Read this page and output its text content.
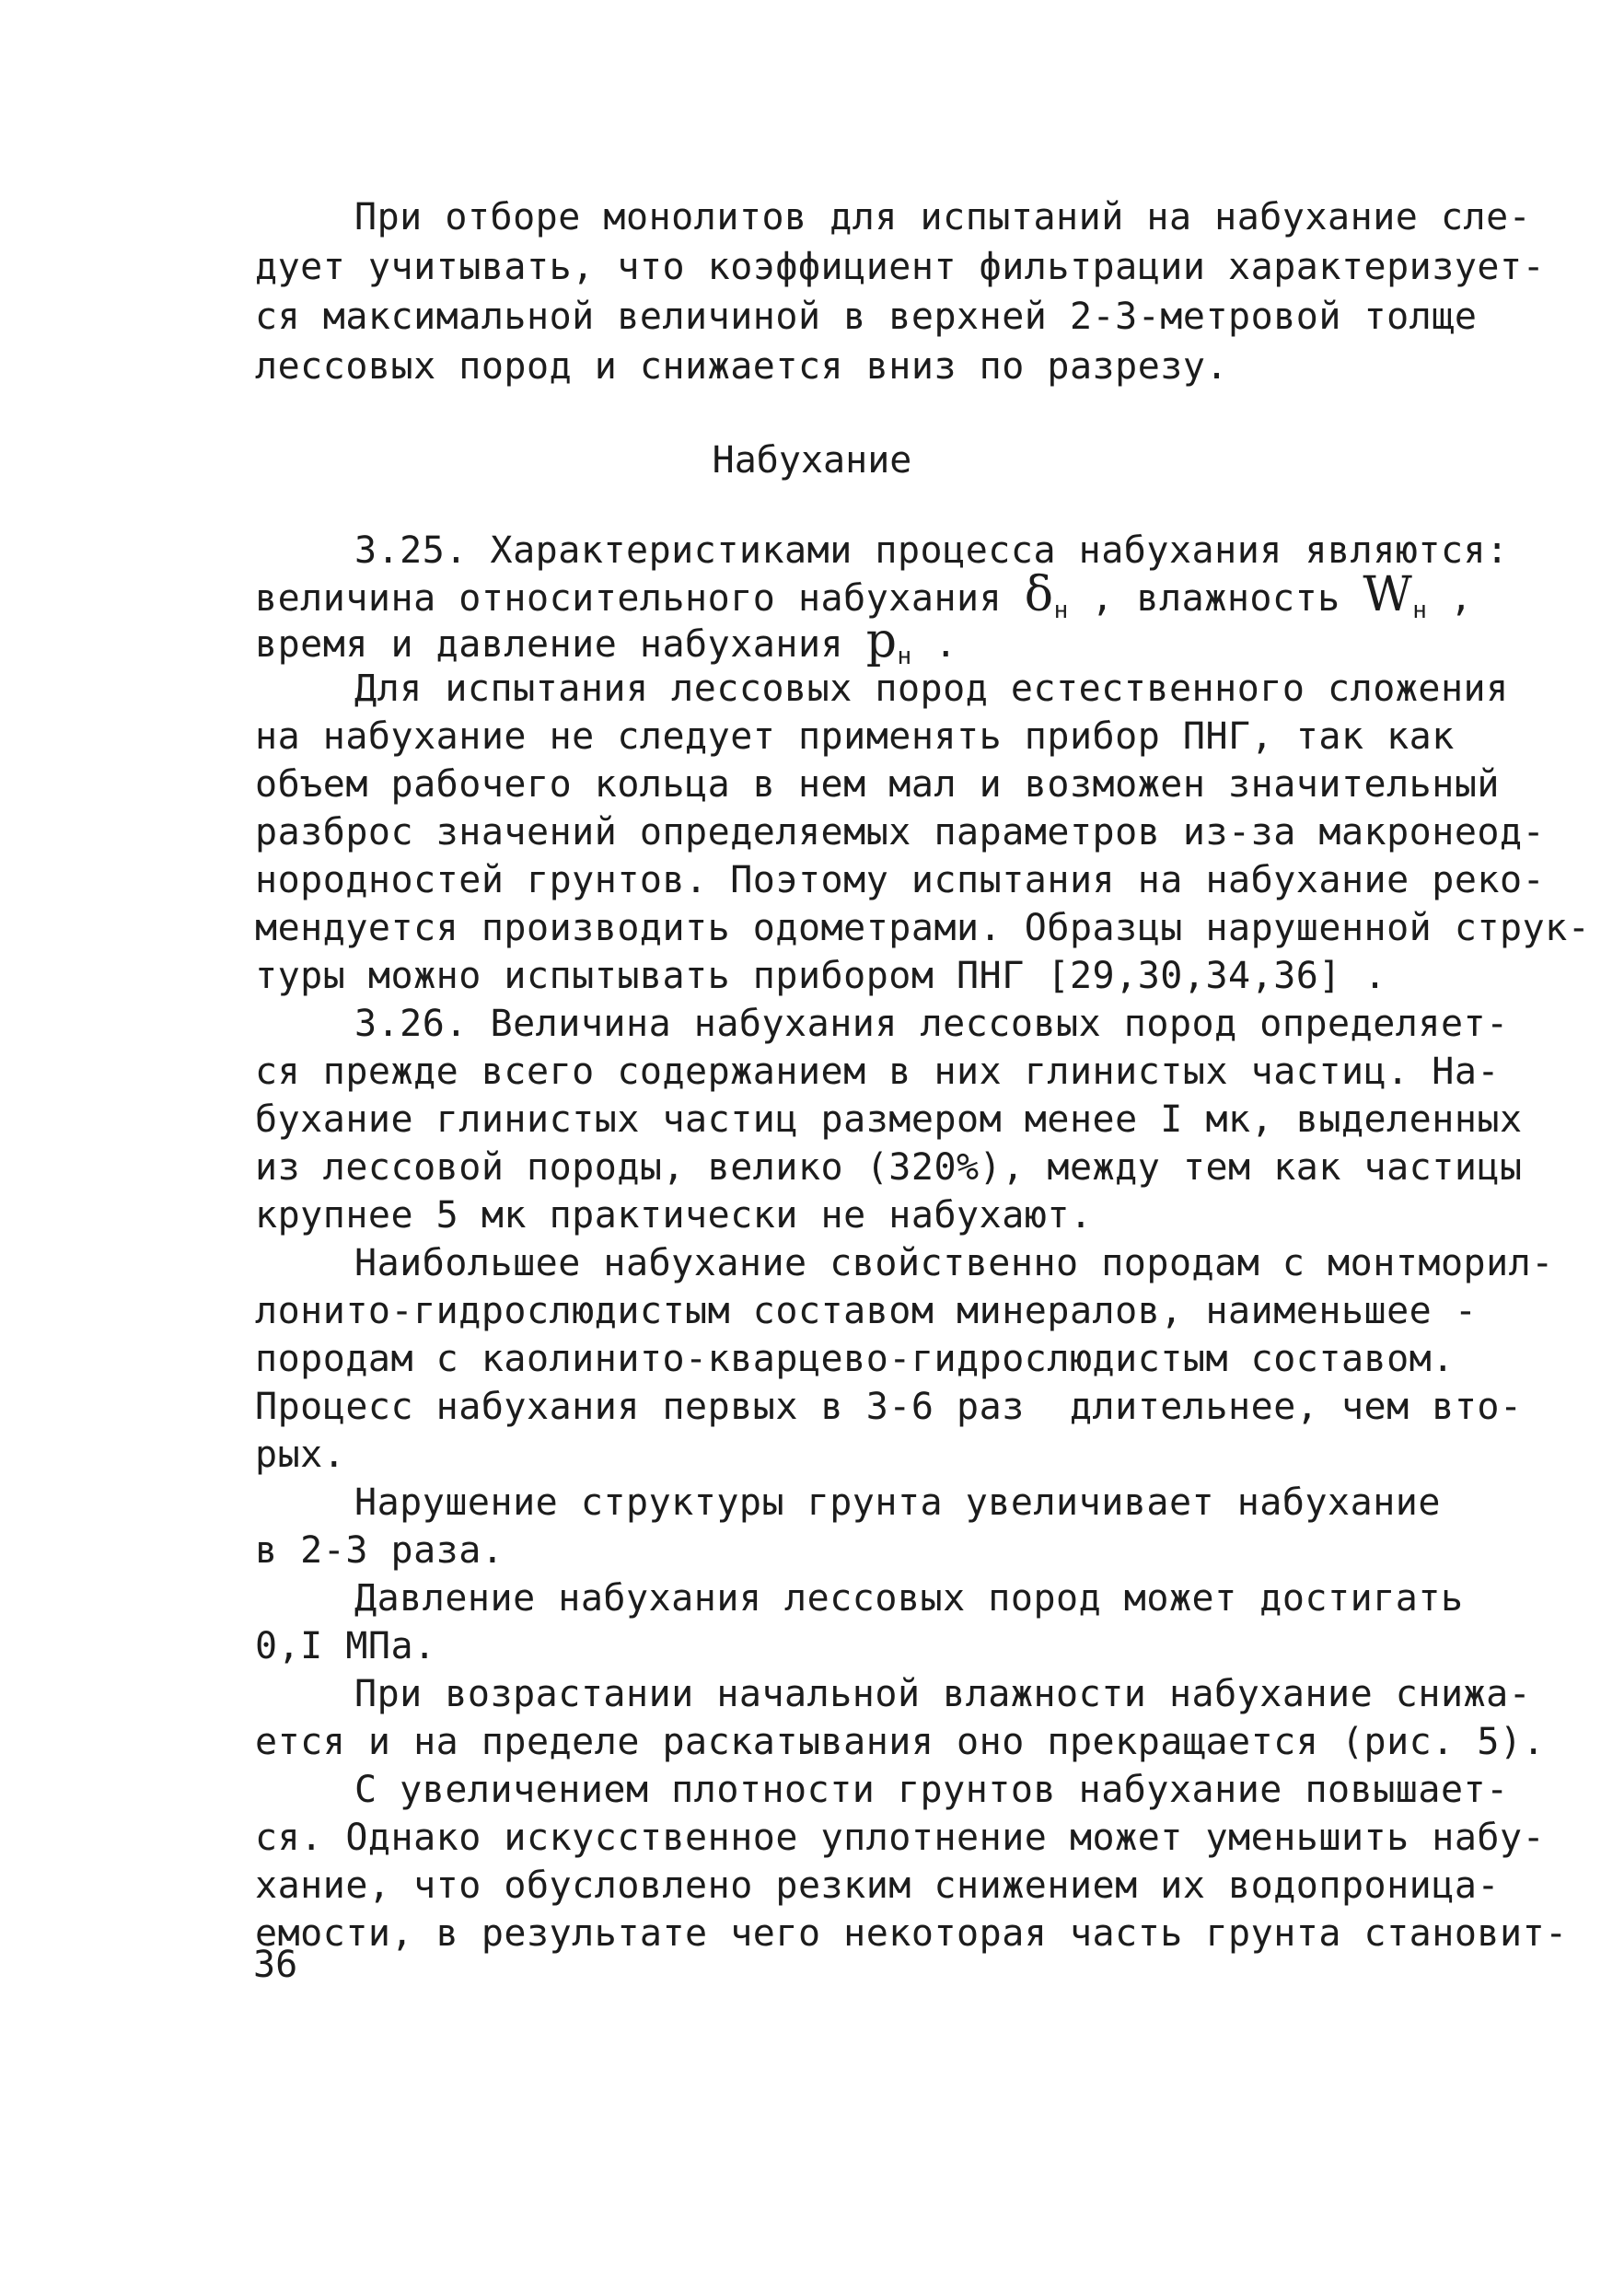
При отборе монолитов для испытаний на набухание сле-
дует учитывать, что коэффициент фильтрации характеризует-
ся максимальной величиной в верхней 2-3-метровой толще
лессовых пород и снижается вниз по разрезу.
Набухание
3.25. Характеристиками процесса набухания являются:
величина относительного набухания $\delta_н$ , влажность $W_н$ ,
время и давление набухания $p_н$ .
Для испытания лессовых пород естественного сложения
на набухание не следует применять прибор ПНГ, так как
объем рабочего кольца в нем мал и возможен значительный
разброс значений определяемых параметров из-за макронеод-
нородностей грунтов. Поэтому испытания на набухание реко-
мендуется производить одометрами. Образцы нарушенной струк-
туры можно испытывать прибором ПНГ [29,30,34,36] .
3.26. Величина набухания лессовых пород определяет-
ся прежде всего содержанием в них глинистых частиц. На-
бухание глинистых частиц размером менее I мк, выделенных
из лессовой породы, велико (320%), между тем как частицы
крупнее 5 мк практически не набухают.
Наибольшее набухание свойственно породам с монтморил-
лонито-гидрослюдистым составом минералов, наименьшее -
породам с каолинито-кварцево-гидрослюдистым составом.
Процесс набухания первых в 3-6 раз  длительнее, чем вто-
рых.
Нарушение структуры грунта увеличивает набухание
в 2-3 раза.
Давление набухания лессовых пород может достигать
0,I МПа.
При возрастании начальной влажности набухание снижа-
ется и на пределе раскатывания оно прекращается (рис. 5).
С увеличением плотности грунтов набухание повышает-
ся. Однако искусственное уплотнение может уменьшить набу-
хание, что обусловлено резким снижением их водопроница-
емости, в результате чего некоторая часть грунта становит-
36
